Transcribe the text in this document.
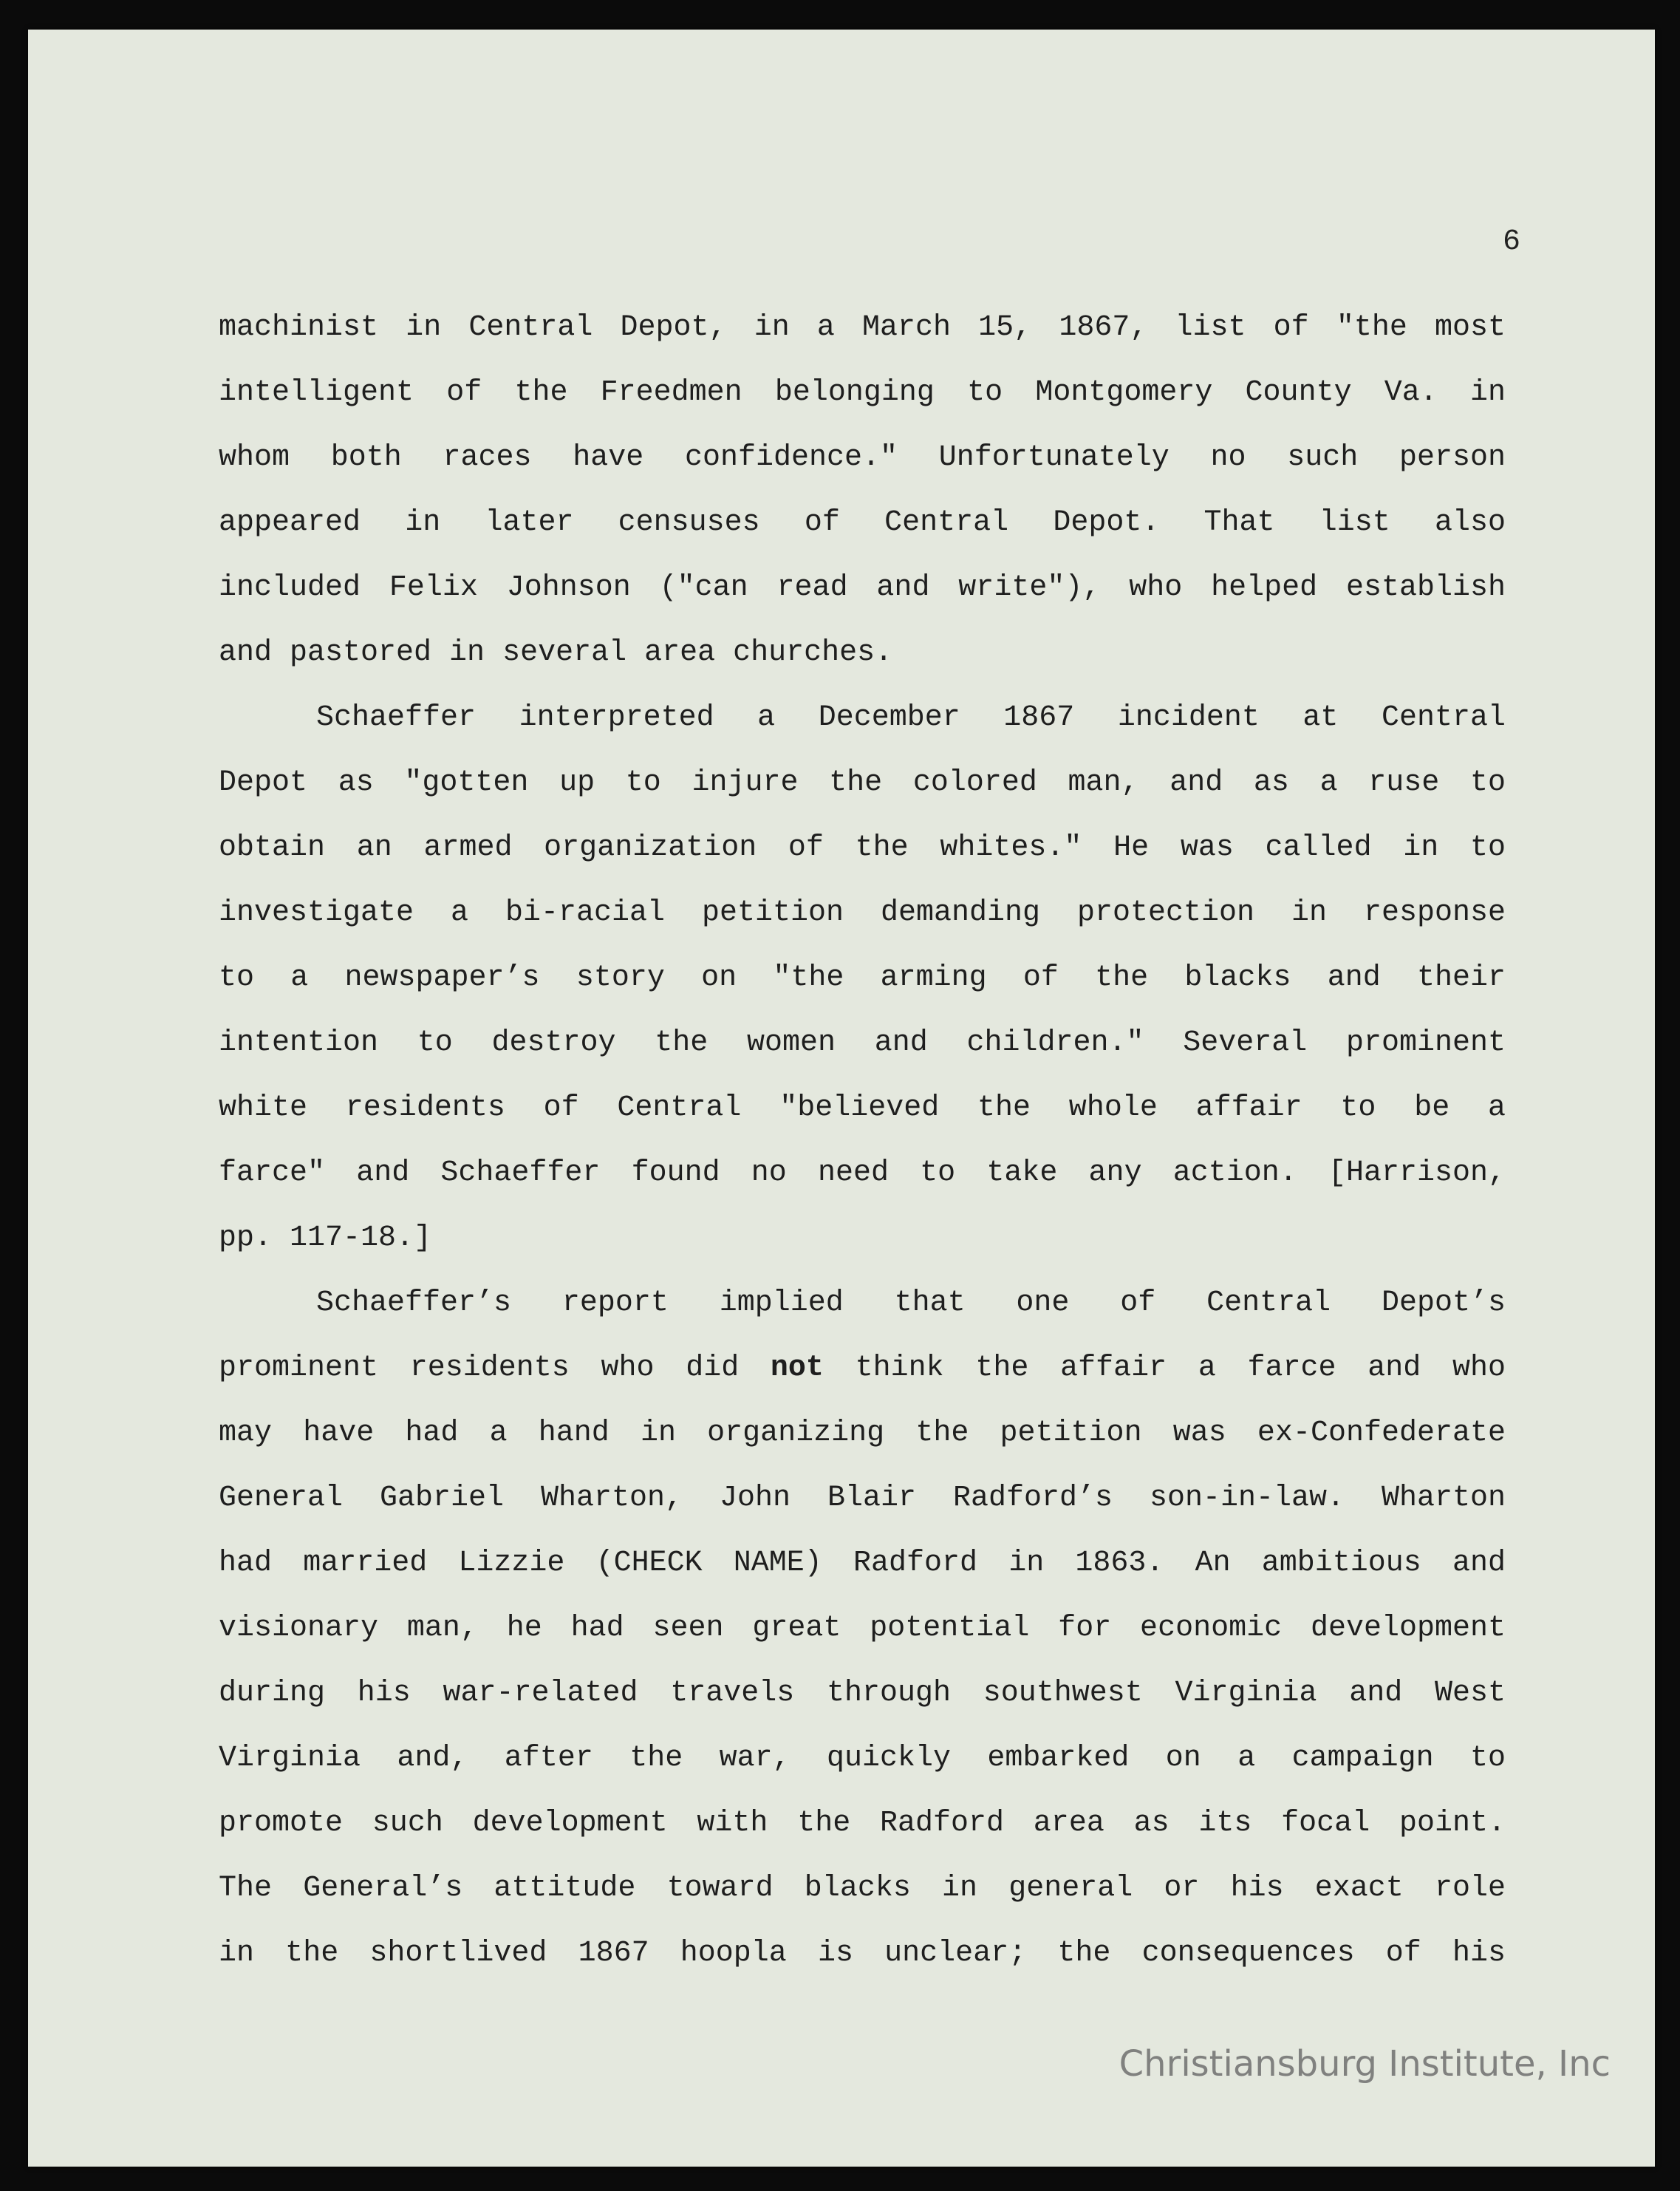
6
machinist in Central Depot, in a March 15, 1867, list of "the most
intelligent of the Freedmen belonging to Montgomery County Va. in
whom both races have confidence." Unfortunately no such person
appeared in later censuses of Central Depot. That list also
included Felix Johnson ("can read and write"), who helped establish
and pastored in several area churches.
Schaeffer interpreted a December 1867 incident at Central
Depot as "gotten up to injure the colored man, and as a ruse to
obtain an armed organization of the whites." He was called in to
investigate a bi-racial petition demanding protection in response
to a newspaper’s story on "the arming of the blacks and their
intention to destroy the women and children." Several prominent
white residents of Central "believed the whole affair to be a
farce" and Schaeffer found no need to take any action. [Harrison,
pp. 117-18.]
Schaeffer’s report implied that one of Central Depot’s
prominent residents who did not think the affair a farce and who
may have had a hand in organizing the petition was ex-Confederate
General Gabriel Wharton, John Blair Radford’s son-in-law. Wharton
had married Lizzie (CHECK NAME) Radford in 1863. An ambitious and
visionary man, he had seen great potential for economic development
during his war-related travels through southwest Virginia and West
Virginia and, after the war, quickly embarked on a campaign to
promote such development with the Radford area as its focal point.
The General’s attitude toward blacks in general or his exact role
in the shortlived 1867 hoopla is unclear; the consequences of his
Christiansburg Institute, Inc
